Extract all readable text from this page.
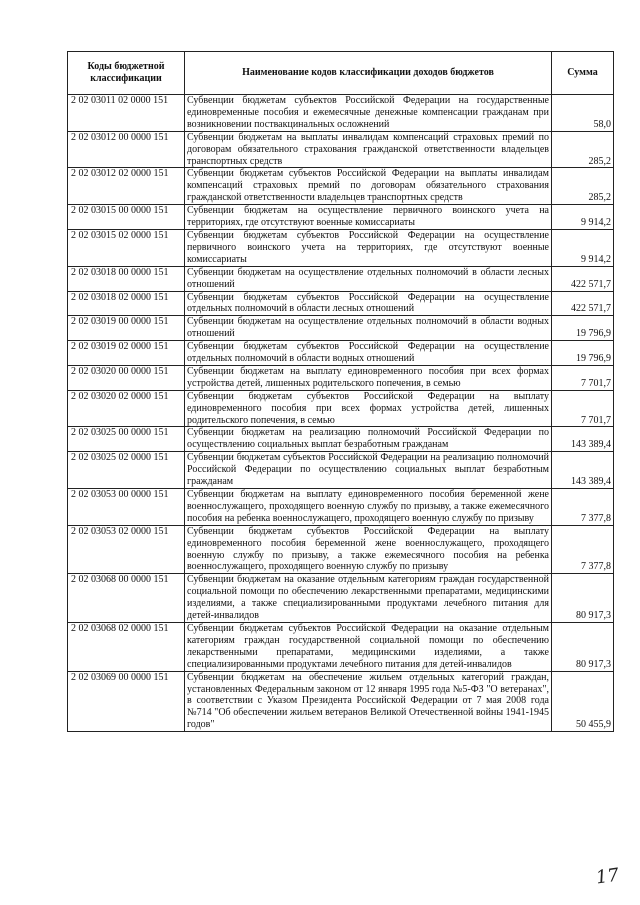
Коды бюджетной классификации	Наименование кодов классификации доходов бюджетов	Сумма
2 02 03011 02 0000 151	Субвенции бюджетам субъектов Российской Федерации на государственные единовременные пособия и ежемесячные денежные компенсации гражданам при возникновении поствакцинальных осложнений	58,0
2 02 03012 00 0000 151	Субвенции бюджетам на выплаты инвалидам компенсаций страховых премий по договорам обязательного страхования гражданской ответственности владельцев транспортных средств	285,2
2 02 03012 02 0000 151	Субвенции бюджетам субъектов Российской Федерации на выплаты инвалидам компенсаций страховых премий по договорам обязательного страхования гражданской ответственности владельцев транспортных средств	285,2
2 02 03015 00 0000 151	Субвенции бюджетам на осуществление первичного воинского учета на территориях, где отсутствуют военные комиссариаты	9 914,2
2 02 03015 02 0000 151	Субвенции бюджетам субъектов Российской Федерации на осуществление первичного воинского учета на территориях, где отсутствуют военные комиссариаты	9 914,2
2 02 03018 00 0000 151	Субвенции бюджетам на осуществление отдельных полномочий в области лесных отношений	422 571,7
2 02 03018 02 0000 151	Субвенции бюджетам субъектов Российской Федерации на осуществление отдельных полномочий в области лесных отношений	422 571,7
2 02 03019 00 0000 151	Субвенции бюджетам на осуществление отдельных полномочий в области водных отношений	19 796,9
2 02 03019 02 0000 151	Субвенции бюджетам субъектов Российской Федерации на осуществление отдельных полномочий в области водных отношений	19 796,9
2 02 03020 00 0000 151	Субвенции бюджетам на выплату единовременного пособия при всех формах устройства детей, лишенных родительского попечения, в семью	7 701,7
2 02 03020 02 0000 151	Субвенции бюджетам субъектов Российской Федерации на выплату единовременного пособия при всех формах устройства детей, лишенных родительского попечения, в семью	7 701,7
2 02 03025 00 0000 151	Субвенции бюджетам на реализацию полномочий Российской Федерации по осуществлению социальных выплат безработным гражданам	143 389,4
2 02 03025 02 0000 151	Субвенции бюджетам субъектов Российской Федерации на реализацию полномочий Российской Федерации по осуществлению социальных выплат безработным гражданам	143 389,4
2 02 03053 00 0000 151	Субвенции бюджетам на выплату единовременного пособия беременной жене военнослужащего, проходящего военную службу по призыву, а также ежемесячного пособия на ребенка военнослужащего, проходящего военную службу по призыву	7 377,8
2 02 03053 02 0000 151	Субвенции бюджетам субъектов Российской Федерации на выплату единовременного пособия беременной жене военнослужащего, проходящего военную службу по призыву, а также ежемесячного пособия на ребенка военнослужащего, проходящего военную службу по призыву	7 377,8
2 02 03068 00 0000 151	Субвенции бюджетам на оказание отдельным категориям граждан государственной социальной помощи по обеспечению лекарственными препаратами, медицинскими изделиями, а также специализированными продуктами лечебного питания для детей-инвалидов	80 917,3
2 02 03068 02 0000 151	Субвенции бюджетам субъектов Российской Федерации на оказание отдельным категориям граждан государственной социальной помощи по обеспечению лекарственными препаратами, медицинскими изделиями, а также специализированными продуктами лечебного питания для детей-инвалидов	80 917,3
2 02 03069 00 0000 151	Субвенции бюджетам на обеспечение жильем отдельных категорий граждан, установленных Федеральным законом от 12 января 1995 года №5-ФЗ "О ветеранах", в соответствии с Указом Президента Российской Федерации от 7 мая 2008 года №714 "Об обеспечении жильем ветеранов Великой Отечественной войны 1941-1945 годов"	50 455,9
17
